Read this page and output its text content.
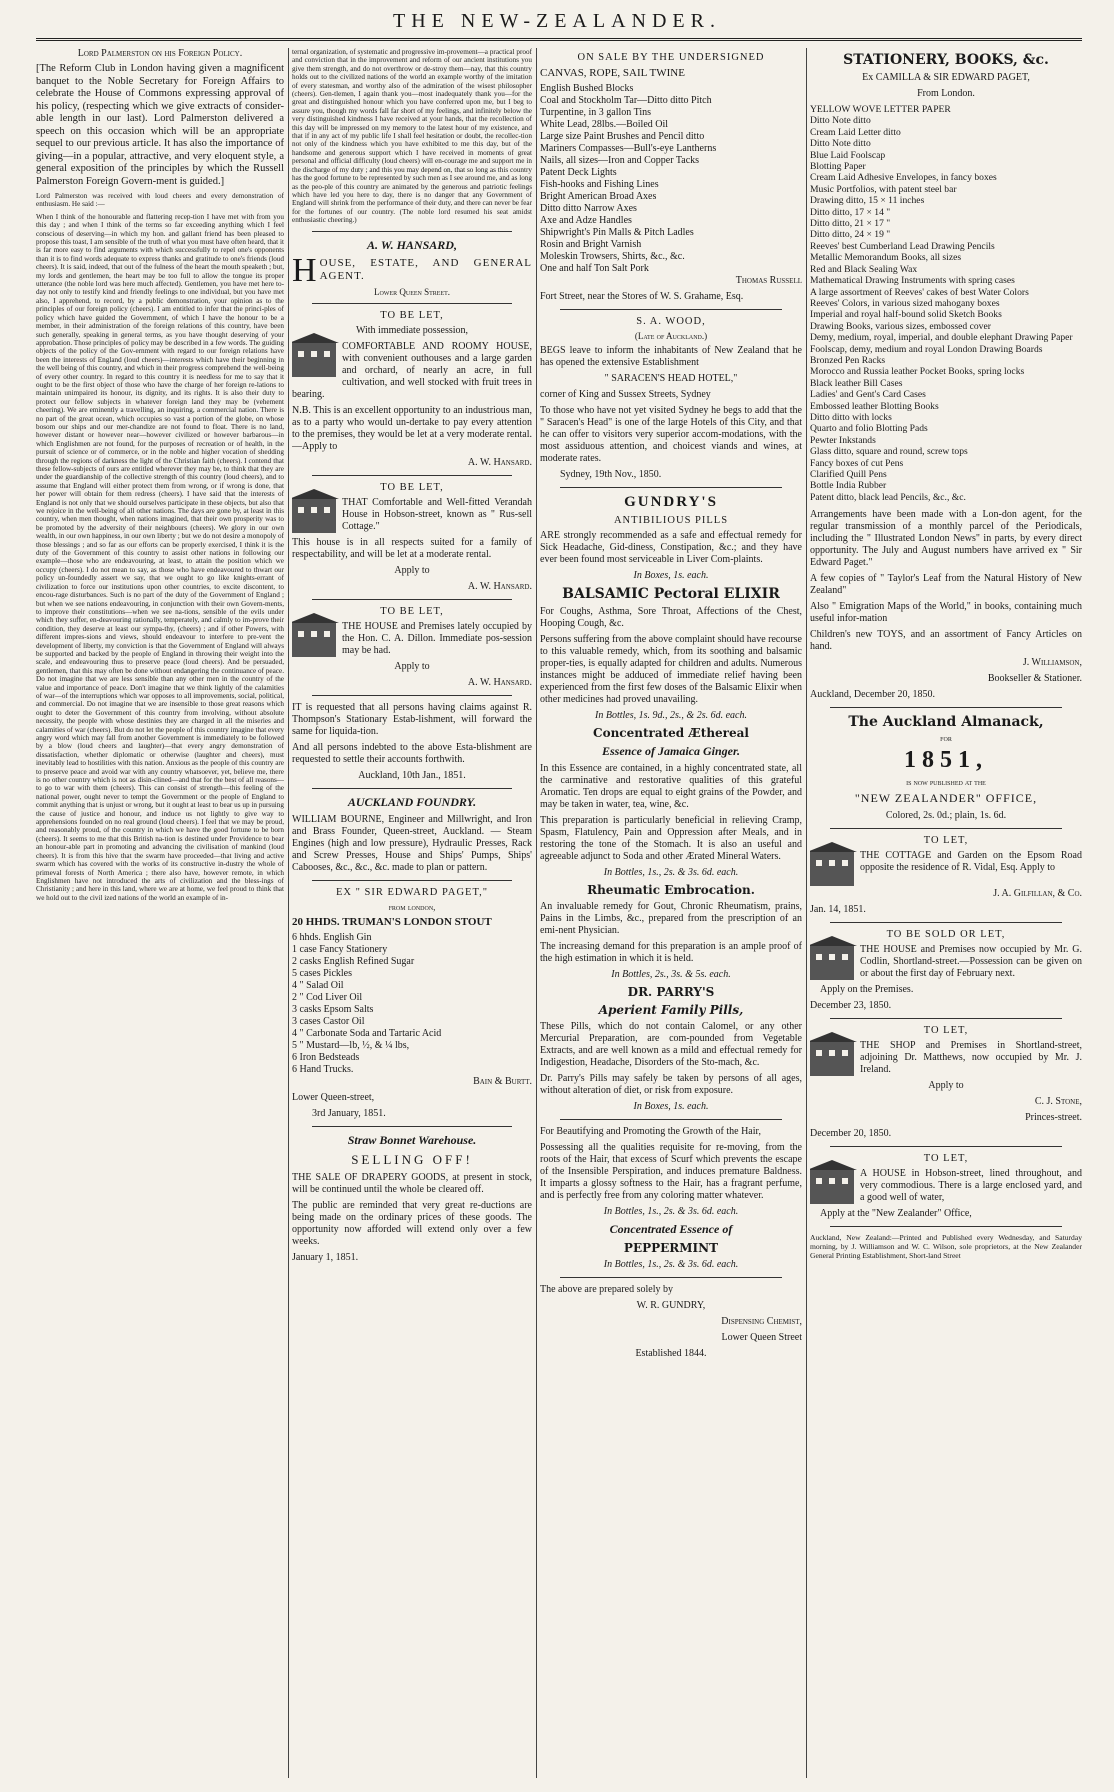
THE NEW-ZEALANDER.

Lord Palmerston on his Foreign Policy.

[The Reform Club in London having given a magnificent banquet to the Noble Secretary for Foreign Affairs to celebrate the House of Commons expressing approval of his policy, (respecting which we give extracts of consider-able length in our last). Lord Palmerston delivered a speech on this occasion which will be an appropriate sequel to our previous article. It has also the importance of giving—in a popular, attractive, and very eloquent style, a general exposition of the principles by which the Russell Palmerston Foreign Govern-ment is guided.]

Lord Palmerston was received with loud cheers and every demonstration of enthusiasm. He said :—

When I think of the honourable and flattering recep-tion I have met with from you this day ; and when I think of the terms so far exceeding anything which I feel conscious of deserving—in which my hon. and gallant friend has been pleased to propose this toast, I am sensible of the truth of what you must have often heard, that it is far more easy to find arguments with which successfully to repel one's opponents than it is to find words adequate to express thanks and gratitude to one's friends (loud cheers). It is said, indeed, that out of the fulness of the heart the mouth speaketh ; but, my lords and gentlemen, the heart may be too full to allow the tongue its proper utterance (the noble lord was here much affected). Gentlemen, you have met here to-day not only to testify kind and friendly feelings to one individual, but you have met also, I apprehend, to record, by a public demonstration, your opinion as to the principles of our foreign policy (cheers). I am entitled to infer that the princi-ples of policy which have guided the Government, of which I have the honour to be a member, in their administration of the foreign relations of this country, have been such generally, speaking in general terms, as you have thought deserving of your approbation. Those principles of policy may be described in a few words. The guiding objects of the policy of the Gov-ernment with regard to our foreign relations have been the interests of England (loud cheers)—interests which have their beginning in the well being of this country, and which in their progress comprehend the well-being of every other country. In regard to this country it is needless for me to say that it ought to be the first object of those who have the charge of her foreign re-lations to maintain unimpaired its honour, its dignity, and its rights. It is also their duty to protect our fellow subjects in whatever foreign land they may be (vehement cheering). We are eminently a travelling, an inquiring, a commercial nation. There is no part of the great ocean, which occupies so vast a portion of the globe, on whose bosom our ships and our mer-chandize are not found to float. There is no land, however distant or however near—however civilized or however barbarous—in which Englishmen are not found, for the purposes of recreation or of health, in the pursuit of science or of commerce, or in the noble and higher vocation of shedding through the regions of darkness the light of the Christian faith (cheers). I contend that these fellow-subjects of ours are entitled wherever they may be, to think that they are under the guardianship of the collective strength of this country (loud cheers), and to assume that England will either protect them from wrong, or if wrong is done, that her power will obtain for them redress (cheers). I have said that the interests of England is not only that we should ourselves participate in these objects, but also that we rejoice in the well-being of all other nations. The days are gone by, at least in this country, when men thought, when nations imagined, that their own prosperity was to be promoted by the adversity of their neighbours (cheers). We glory in our own wealth, in our own happiness, in our own liberty ; but we do not desire a monopoly of those blessings ; and so far as our efforts can be properly exercised, I think it is the duty of the Government of this country to assist other nations in following our example—those who are endeavouring, at least, to attain the position which we occupy (cheers). I do not mean to say, as those who have endeavoured to thwart our policy un-foundedly assert we say, that we ought to go like knights-errant of civilization to force our institutions upon other countries, to excite discontent, to encou-rage disturbances. Such is no part of the duty of the Government of England ; but when we see nations endeavouring, in conjunction with their own Govern-ments, to improve their constitutions—when we see na-tions, sensible of the evils under which they suffer, en-deavouring rationally, temperately, and calmly to im-prove their condition, they deserve at least our sympa-thy, (cheers) ; and if other Powers, with different impres-sions and views, should endeavour to interfere to pre-vent the development of liberty, my conviction is that the Government of England will always be supported and backed by the people of England in throwing their weight into the scale, and endeavouring thus to preserve peace (loud cheers). And be persuaded, gentlemen, that this may often be done without endangering the continuance of peace. Do not imagine that we are less sensible than any other men in the country of the value and importance of peace. Don't imagine that we think lightly of the calamities of war—of the interruptions which war opposes to all improvements, social, political, and commercial. Do not imagine that we are insensible to those great reasons which ought to deter the Government of this country from involving, without absolute necessity, the people with whose destinies they are charged in all the miseries and calamities of war (cheers). But do not let the people of this country imagine that every angry word which may fall from another Government is immediately to be followed by a blow (loud cheers and laughter)—that every angry demonstration of dissatisfaction, whether diplomatic or otherwise (laughter and cheers), must inevitably lead to hostilities with this nation. Anxious as the people of this country are to preserve peace and avoid war with any country whatsoever, yet, believe me, there is no other country which is not as disin-clined—and that for the best of all reasons—to go to war with them (cheers). This can consist of strength—this feeling of the national power, ought never to tempt the Government or the people of England to commit anything that is unjust or wrong, but it ought at least to bear us up in pursuing the cause of justice and honour, and induce us not lightly to give way to apprehensions founded on no real ground (loud cheers). I feel that we may be proud, and reasonably proud, of the country in which we have the good fortune to be born (cheers). It seems to me that this British na-tion is destined under Providence to bear an honour-able part in promoting and advancing the civilisation of mankind (loud cheers). It is from this hive that the swarm have proceeded—that living and active swarm which has covered with the works of its constructive in-dustry the whole of primeval forests of North America ; there also have, however remote, in which Englishmen have not introduced the arts of civilization and the bless-ings of Christianity ; and here in this land, where we are at home, we feel proud to think that we hold out to the civil ized nations of the world an example of in-

ternal organization, of systematic and progressive im-provement—a practical proof and conviction that in the improvement and reform of our ancient institutions you give them strength, and do not overthrow or de-stroy them—nay, that this country holds out to the civilized nations of the world an example worthy of the imitation of every statesman, and worthy also of the admiration of the wisest philosopher (cheers). Gen-tlemen, I again thank you—most inadequately thank you—for the great and distinguished honour which you have conferred upon me, but I beg to assure you, though my words fall far short of my feelings, and infinitely below the very distinguished kindness I have received at your hands, that the recollection of this day will be impressed on my memory to the latest hour of my existence, and that if in any act of my public life I shall feel hesitation or doubt, the recollec-tion not only of the kindness which you have exhibited to me this day, but of the handsome and generous support which I have received in moments of great personal and official difficulty (loud cheers) will en-courage me and support me in the discharge of my duty ; and this you may depend on, that so long as this country has the good fortune to be represented by such men as I see around me, and as long as the peo-ple of this country are animated by the generous and patriotic feelings which have led you here to day, there is no danger that any Government of England will shrink from the performance of their duty, and there can never be fear for the fortunes of our country. (The noble lord resumed his seat amidst enthusiastic cheering.)

A. W. HANSARD,

HOUSE, ESTATE, AND GENERAL AGENT.

Lower Queen Street.

TO BE LET,

With immediate possession,

COMFORTABLE AND ROOMY HOUSE, with convenient outhouses and a large garden and orchard, of nearly an acre, in full cultivation, and well stocked with fruit trees in bearing.

N.B. This is an excellent opportunity to an industrious man, as to a party who would un-dertake to pay every attention to the premises, they would be let at a very moderate rental.—Apply to

A. W. Hansard.

TO BE LET,

THAT Comfortable and Well-fitted Verandah House in Hobson-street, known as " Rus-sell Cottage."

This house is in all respects suited for a family of respectability, and will be let at a moderate rental.

Apply to

A. W. Hansard.

TO BE LET,

THE HOUSE and Premises lately occupied by the Hon. C. A. Dillon. Immediate pos-session may be had.

Apply to

A. W. Hansard.

IT is requested that all persons having claims against R. Thompson's Stationary Estab-lishment, will forward the same for liquida-tion.

And all persons indebted to the above Esta-blishment are requested to settle their accounts forthwith.

Auckland, 10th Jan., 1851.

AUCKLAND FOUNDRY.

WILLIAM BOURNE, Engineer and Millwright, and Iron and Brass Founder, Queen-street, Auckland. — Steam Engines (high and low pressure), Hydraulic Presses, Rack and Screw Presses, House and Ships' Pumps, Ships' Cabooses, &c., &c., &c. made to plan or pattern.

EX " SIR EDWARD PAGET,"

from london,

20 HHDS. TRUMAN'S LONDON STOUT

6 hhds. English Gin
1 case Fancy Stationery
2 casks English Refined Sugar
5 cases Pickles
4 " Salad Oil
2 " Cod Liver Oil
3 casks Epsom Salts
3 cases Castor Oil
4 " Carbonate Soda and Tartaric Acid
5 " Mustard—lb, ½, & ¼ lbs,
6 Iron Bedsteads
6 Hand Trucks.

Bain & Burtt.

Lower Queen-street,

3rd January, 1851.

Straw Bonnet Warehouse.

SELLING OFF!

THE SALE OF DRAPERY GOODS, at present in stock, will be continued until the whole be cleared off.

The public are reminded that very great re-ductions are being made on the ordinary prices of these goods. The opportunity now afforded will extend only over a few weeks.

January 1, 1851.

ON SALE BY THE UNDERSIGNED

CANVAS, ROPE, SAIL TWINE

English Bushed Blocks
Coal and Stockholm Tar—Ditto ditto Pitch
Turpentine, in 3 gallon Tins
White Lead, 28lbs.—Boiled Oil
Large size Paint Brushes and Pencil ditto
Mariners Compasses—Bull's-eye Lantherns
Nails, all sizes—Iron and Copper Tacks
Patent Deck Lights
Fish-hooks and Fishing Lines
Bright American Broad Axes
Ditto ditto Narrow Axes
Axe and Adze Handles
Shipwright's Pin Malls & Pitch Ladles
Rosin and Bright Varnish
Moleskin Trowsers, Shirts, &c., &c.
One and half Ton Salt Pork

Thomas Russell

Fort Street, near the Stores of W. S. Grahame, Esq.

S. A. WOOD,

(Late of Auckland.)

BEGS leave to inform the inhabitants of New Zealand that he has opened the extensive Establishment

" SARACEN'S HEAD HOTEL,"

corner of King and Sussex Streets, Sydney

To those who have not yet visited Sydney he begs to add that the " Saracen's Head" is one of the large Hotels of this City, and that he can offer to visitors very superior accom-modations, with the most assiduous attention, and choicest viands and wines, at moderate rates.

Sydney, 19th Nov., 1850.

GUNDRY'S

ANTIBILIOUS PILLS

ARE strongly recommended as a safe and effectual remedy for Sick Headache, Gid-diness, Constipation, &c.; and they have ever been found most serviceable in Liver Com-plaints.

In Boxes, 1s. each.

BALSAMIC Pectoral ELIXIR

For Coughs, Asthma, Sore Throat, Affections of the Chest, Hooping Cough, &c.

Persons suffering from the above complaint should have recourse to this valuable remedy, which, from its soothing and balsamic proper-ties, is equally adapted for children and adults. Numerous instances might be adduced of immediate relief having been experienced from the first few doses of the Balsamic Elixir when other medicines had proved unavailing.

In Bottles, 1s. 9d., 2s., & 2s. 6d. each.

Concentrated Æthereal

Essence of Jamaica Ginger.

In this Essence are contained, in a highly concentrated state, all the carminative and restorative qualities of this grateful Aromatic. Ten drops are equal to eight grains of the Powder, and may be taken in water, tea, wine, &c.

This preparation is particularly beneficial in relieving Cramp, Spasm, Flatulency, Pain and Oppression after Meals, and in restoring the tone of the Stomach. It is also an useful and agreeable adjunct to Soda and other Ærated Mineral Waters.

In Bottles, 1s., 2s. & 3s. 6d. each.

Rheumatic Embrocation.

An invaluable remedy for Gout, Chronic Rheumatism, prains, Pains in the Limbs, &c., prepared from the prescription of an emi-nent Physician.

The increasing demand for this preparation is an ample proof of the high estimation in which it is held.

In Bottles, 2s., 3s. & 5s. each.

DR. PARRY'S

Aperient Family Pills,

These Pills, which do not contain Calomel, or any other Mercurial Preparation, are com-pounded from Vegetable Extracts, and are well known as a mild and effectual remedy for Indigestion, Headache, Disorders of the Sto-mach, &c.

Dr. Parry's Pills may safely be taken by persons of all ages, without alteration of diet, or risk from exposure.

In Boxes, 1s. each.

For Beautifying and Promoting the Growth of the Hair,

Possessing all the qualities requisite for re-moving, from the roots of the Hair, that excess of Scurf which prevents the escape of the Insensible Perspiration, and induces premature Baldness. It imparts a glossy softness to the Hair, has a fragrant perfume, and is perfectly free from any coloring matter whatever.

In Bottles, 1s., 2s. & 3s. 6d. each.

Concentrated Essence of

PEPPERMINT

In Bottles, 1s., 2s. & 3s. 6d. each.

The above are prepared solely by

W. R. GUNDRY,

Dispensing Chemist,

Lower Queen Street

Established 1844.

STATIONERY, BOOKS, &c.

Ex CAMILLA & SIR EDWARD PAGET,

From London.

YELLOW WOVE LETTER PAPER
Ditto Note ditto
Cream Laid Letter ditto
Ditto Note ditto
Blue Laid Foolscap
Blotting Paper
Cream Laid Adhesive Envelopes, in fancy boxes
Music Portfolios, with patent steel bar
Drawing ditto, 15 × 11 inches
Ditto ditto, 17 × 14 "
Ditto ditto, 21 × 17 "
Ditto ditto, 24 × 19 "
Reeves' best Cumberland Lead Drawing Pencils
Metallic Memorandum Books, all sizes
Red and Black Sealing Wax
Mathematical Drawing Instruments with spring cases
A large assortment of Reeves' cakes of best Water Colors
Reeves' Colors, in various sized mahogany boxes
Imperial and royal half-bound solid Sketch Books
Drawing Books, various sizes, embossed cover
Demy, medium, royal, imperial, and double elephant Drawing Paper
Foolscap, demy, medium and royal London Drawing Boards
Bronzed Pen Racks
Morocco and Russia leather Pocket Books, spring locks
Black leather Bill Cases
Ladies' and Gent's Card Cases
Embossed leather Blotting Books
Ditto ditto with locks
Quarto and folio Blotting Pads
Pewter Inkstands
Glass ditto, square and round, screw tops
Fancy boxes of cut Pens
Clarified Quill Pens
Bottle India Rubber
Patent ditto, black lead Pencils, &c., &c.

Arrangements have been made with a Lon-don agent, for the regular transmission of a monthly parcel of the Periodicals, including the " Illustrated London News" in parts, by every direct opportunity. The July and August numbers have arrived ex " Sir Edward Paget."

A few copies of " Taylor's Leaf from the Natural History of New Zealand"

Also " Emigration Maps of the World," in books, containing much useful infor-mation

Children's new TOYS, and an assortment of Fancy Articles on hand.

J. Williamson,

Bookseller & Stationer.

Auckland, December 20, 1850.

The Auckland Almanack,

for

1851,

is now published at the

"NEW ZEALANDER" OFFICE,

Colored, 2s. 0d.; plain, 1s. 6d.

TO LET,

THE COTTAGE and Garden on the Epsom Road opposite the residence of R. Vidal, Esq. Apply to

J. A. Gilfillan, & Co.

Jan. 14, 1851.

TO BE SOLD OR LET,

THE HOUSE and Premises now occupied by Mr. G. Codlin, Shortland-street.—Possession can be given on or about the first day of February next.

Apply on the Premises.

December 23, 1850.

TO LET,

THE SHOP and Premises in Shortland-street, adjoining Dr. Matthews, now occupied by Mr. J. Ireland.

Apply to

C. J. Stone,

Princes-street.

December 20, 1850.

TO LET,

A HOUSE in Hobson-street, lined throughout, and very commodious. There is a large enclosed yard, and a good well of water,

Apply at the "New Zealander" Office,

Auckland, New Zealand:—Printed and Published every Wednesday, and Saturday morning, by J. Williamson and W. C. Wilson, sole proprietors, at the New Zealander General Printing Establishment, Short-land Street
